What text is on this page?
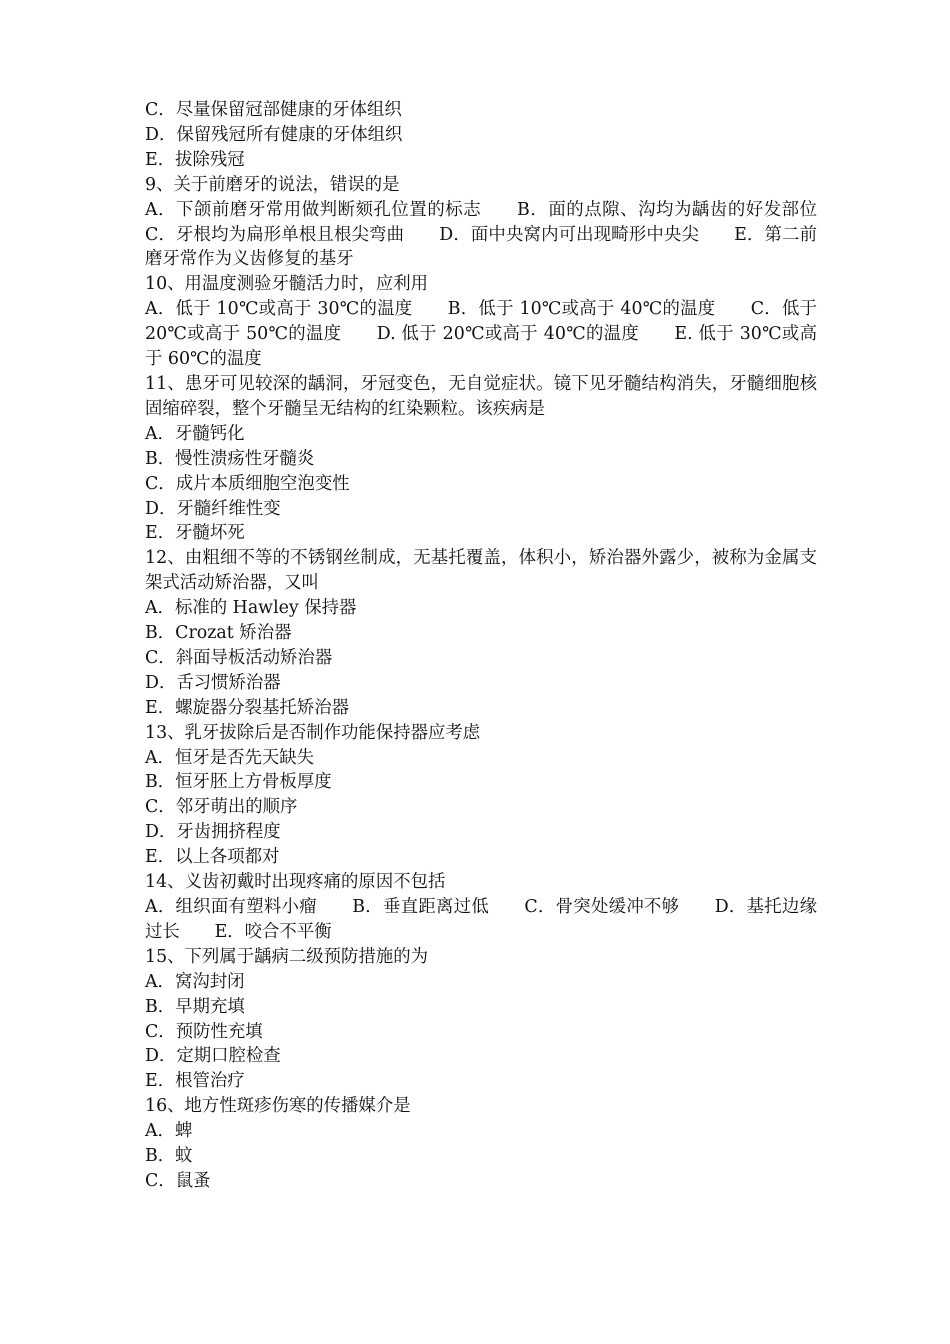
C．尽量保留冠部健康的牙体组织
D．保留残冠所有健康的牙体组织
E．拔除残冠
9、关于前磨牙的说法，错误的是
A．下颌前磨牙常用做判断颏孔位置的标志　　B．面的点隙、沟均为龋齿的好发部位　　C．牙根均为扁形单根且根尖弯曲　　D．面中央窝内可出现畸形中央尖　　E．第二前磨牙常作为义齿修复的基牙
10、用温度测验牙髓活力时，应利用
A．低于 10℃或高于 30℃的温度　　B．低于 10℃或高于 40℃的温度　　C．低于 20℃或高于 50℃的温度　　D. 低于 20℃或高于 40℃的温度　　E. 低于 30℃或高于 60℃的温度
11、患牙可见较深的龋洞，牙冠变色，无自觉症状。镜下见牙髓结构消失，牙髓细胞核固缩碎裂，整个牙髓呈无结构的红染颗粒。该疾病是
A．牙髓钙化
B．慢性溃疡性牙髓炎
C．成片本质细胞空泡变性
D．牙髓纤维性变
E．牙髓坏死
12、由粗细不等的不锈钢丝制成，无基托覆盖，体积小，矫治器外露少，被称为金属支架式活动矫治器，又叫
A．标准的 Hawley 保持器
B．Crozat 矫治器
C．斜面导板活动矫治器
D．舌习惯矫治器
E．螺旋器分裂基托矫治器
13、乳牙拔除后是否制作功能保持器应考虑
A．恒牙是否先天缺失
B．恒牙胚上方骨板厚度
C．邻牙萌出的顺序
D．牙齿拥挤程度
E．以上各项都对
14、义齿初戴时出现疼痛的原因不包括
A．组织面有塑料小瘤　　B．垂直距离过低　　C．骨突处缓冲不够　　D．基托边缘过长　　E．咬合不平衡
15、下列属于龋病二级预防措施的为
A．窝沟封闭
B．早期充填
C．预防性充填
D．定期口腔检查
E．根管治疗
16、地方性斑疹伤寒的传播媒介是
A．蜱
B．蚊
C．鼠蚤
